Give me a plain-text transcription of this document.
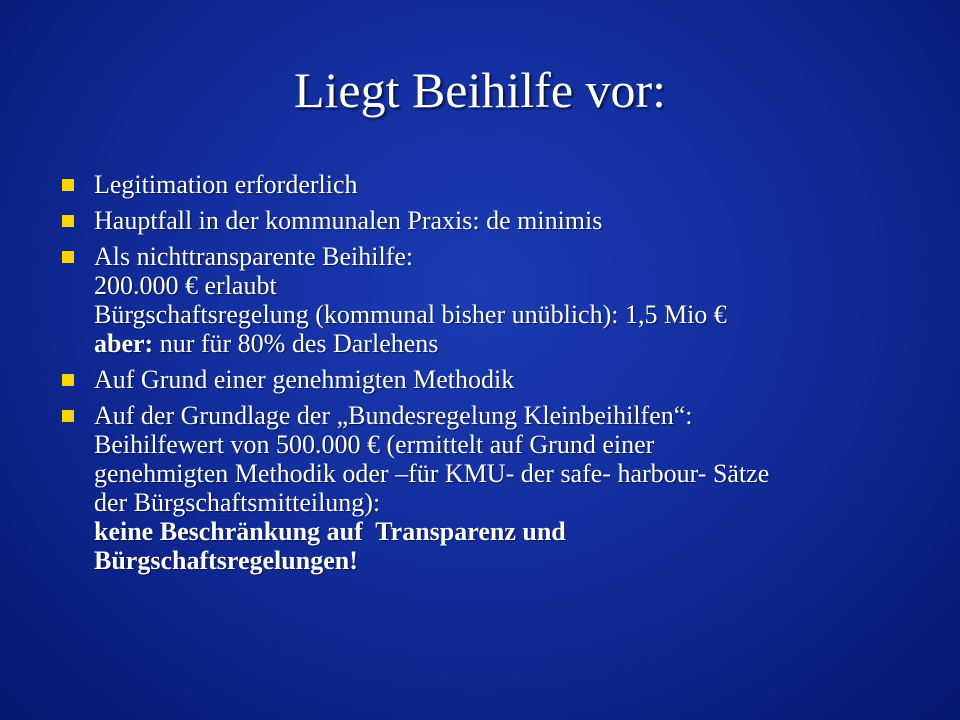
Liegt Beihilfe vor:
Legitimation erforderlich
Hauptfall in der kommunalen Praxis: de minimis
Als nichttransparente Beihilfe:
200.000 € erlaubt
Bürgschaftsregelung (kommunal bisher unüblich): 1,5 Mio €
aber: nur für 80% des Darlehens
Auf Grund einer genehmigten Methodik
Auf der Grundlage der „Bundesregelung Kleinbeihilfen“:
Beihilfewert von 500.000 € (ermittelt auf Grund einer
genehmigten Methodik oder –für KMU- der safe- harbour- Sätze
der Bürgschaftsmitteilung):
keine Beschränkung auf  Transparenz und
Bürgschaftsregelungen!
